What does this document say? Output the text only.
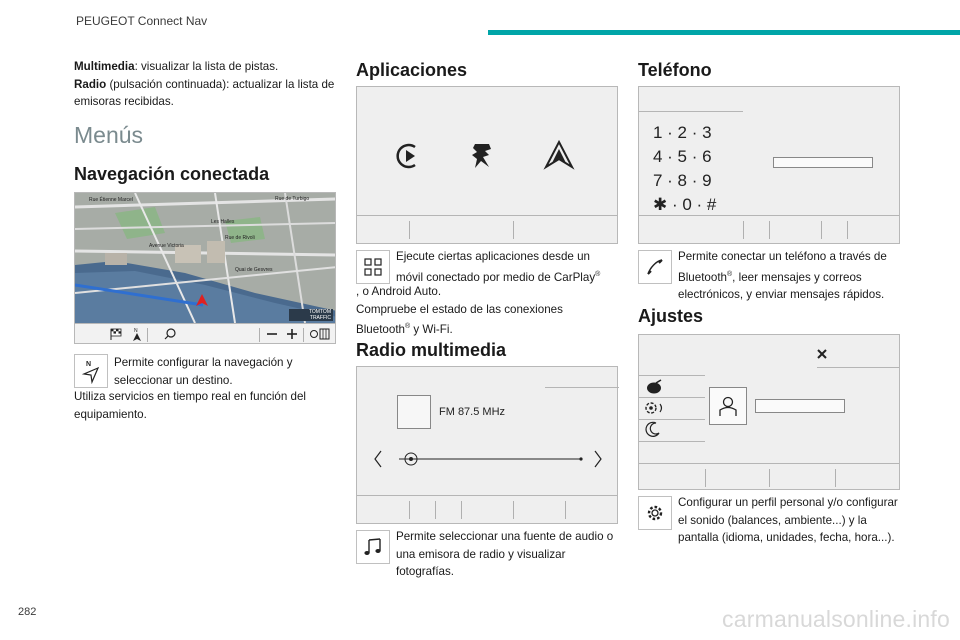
PEUGEOT Connect Nav
Multimedia: visualizar la lista de pistas.
Radio (pulsación continuada): actualizar la lista de emisoras recibidas.
Menús
Navegación conectada
Rue Étienne Marcel	Rue de Turbigo
Les Halles
Rue de Rivoli
Avenue Victoria
Quai de Gesvres
TOMTOM
TRAFFIC
N
N Permite configurar la navegación y seleccionar un destino.
Utiliza servicios en tiempo real en función del equipamiento.
Aplicaciones
Ejecute ciertas aplicaciones desde un móvil conectado por medio de CarPlay®
, o Android Auto.
Compruebe el estado de las conexiones
Bluetooth® y Wi-Fi.
Radio multimedia
FM 87.5 MHz
Permite seleccionar una fuente de audio o una emisora de radio y visualizar fotografías.
Teléfono
1 · 2 · 3
4 · 5 · 6
7 · 8 · 9
✱ · 0 · #
Permite conectar un teléfono a través de
Bluetooth®, leer mensajes y correos electrónicos, y enviar mensajes rápidos.
Ajustes
Configurar un perfil personal y/o configurar el sonido (balances, ambiente...) y la pantalla (idioma, unidades, fecha, hora...).
282	carmanualsonline.info
